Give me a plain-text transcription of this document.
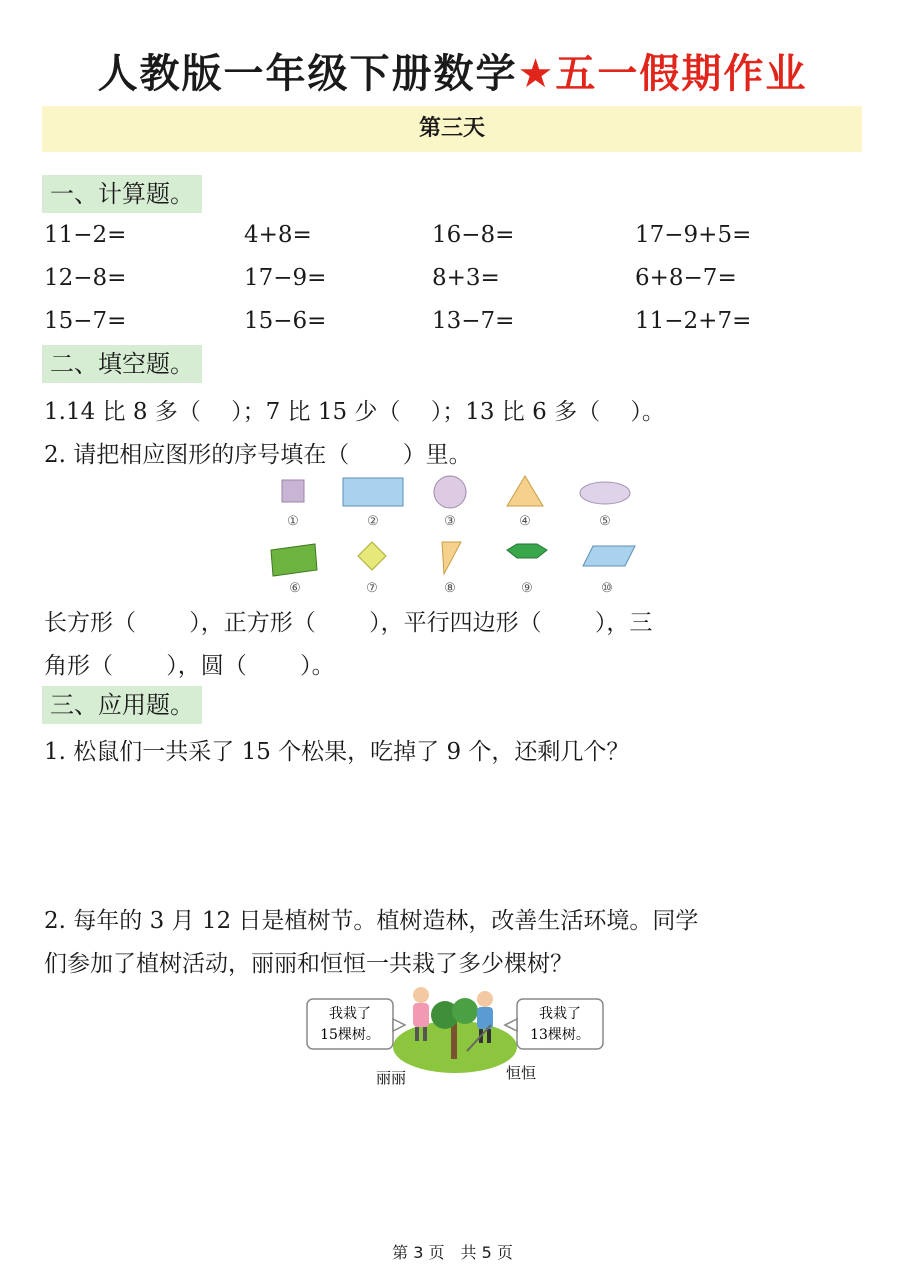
人教版一年级下册数学★五一假期作业
第三天
一、计算题。
11−2=	4+8=	16−8=	17−9+5=
12−8=	17−9=	8+3=	6+8−7=
15−7=	15−6=	13−7=	11−2+7=
二、填空题。
1.14 比 8 多（　 ）；7 比 15 少（　 ）；13 比 6 多（　 ）。
2. 请把相应图形的序号填在（　　 ）里。
①	②	③	④	⑤
⑥	⑦	⑧	⑨	⑩
长方形（　　 ），正方形（　　 ），平行四边形（　　 ），三
角形（　　 ），圆（　　 ）。
三、应用题。
1. 松鼠们一共采了 15 个松果，吃掉了 9 个，还剩几个？
2. 每年的 3 月 12 日是植树节。植树造林，改善生活环境。同学
们参加了植树活动，丽丽和恒恒一共栽了多少棵树？
我栽了
15棵树。
我栽了
13棵树。
丽丽	恒恒
第 3 页　共 5 页
